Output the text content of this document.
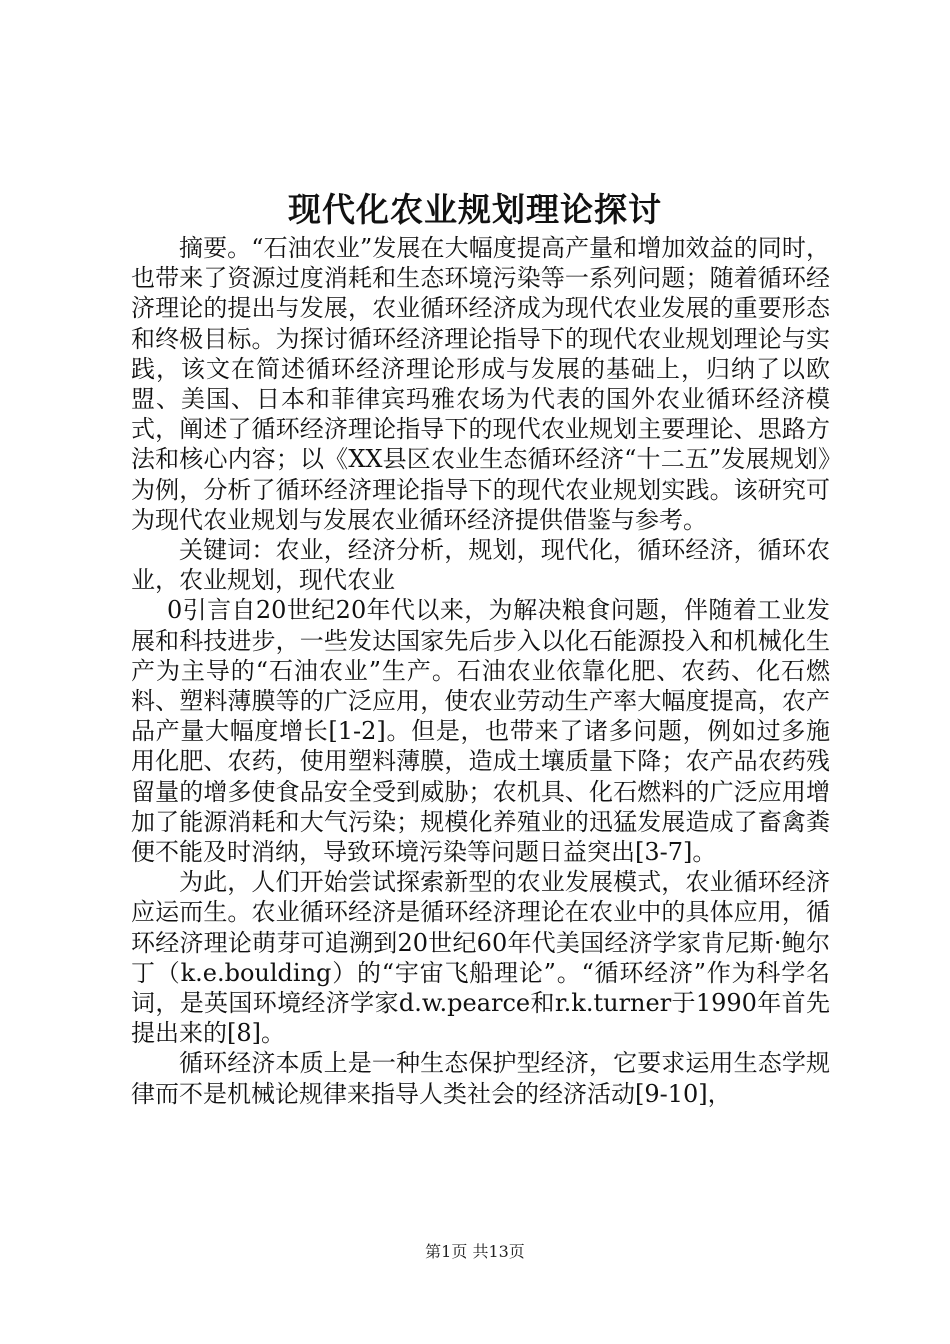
现代化农业规划理论探讨

摘要。“石油农业”发展在大幅度提高产量和增加效益的同时，也带来了资源过度消耗和生态环境污染等一系列问题；随着循环经济理论的提出与发展，农业循环经济成为现代农业发展的重要形态和终极目标。为探讨循环经济理论指导下的现代农业规划理论与实践，该文在简述循环经济理论形成与发展的基础上，归纳了以欧盟、美国、日本和菲律宾玛雅农场为代表的国外农业循环经济模式，阐述了循环经济理论指导下的现代农业规划主要理论、思路方法和核心内容；以《XX县区农业生态循环经济“十二五”发展规划》为例，分析了循环经济理论指导下的现代农业规划实践。该研究可为现代农业规划与发展农业循环经济提供借鉴与参考。

关键词：农业，经济分析，规划，现代化，循环经济，循环农业，农业规划，现代农业

0引言自20世纪20年代以来，为解决粮食问题，伴随着工业发展和科技进步，一些发达国家先后步入以化石能源投入和机械化生产为主导的“石油农业”生产。石油农业依靠化肥、农药、化石燃料、塑料薄膜等的广泛应用，使农业劳动生产率大幅度提高，农产品产量大幅度增长[1-2]。但是，也带来了诸多问题，例如过多施用化肥、农药，使用塑料薄膜，造成土壤质量下降；农产品农药残留量的增多使食品安全受到威胁；农机具、化石燃料的广泛应用增加了能源消耗和大气污染；规模化养殖业的迅猛发展造成了畜禽粪便不能及时消纳，导致环境污染等问题日益突出[3-7]。

为此，人们开始尝试探索新型的农业发展模式，农业循环经济应运而生。农业循环经济是循环经济理论在农业中的具体应用，循环经济理论萌芽可追溯到20世纪60年代美国经济学家肯尼斯·鲍尔丁（k.e.boulding）的“宇宙飞船理论”。“循环经济”作为科学名词，是英国环境经济学家d.w.pearce和r.k.turner于1990年首先提出来的[8]。

循环经济本质上是一种生态保护型经济，它要求运用生态学规律而不是机械论规律来指导人类社会的经济活动[9-10]，

第1页 共13页
